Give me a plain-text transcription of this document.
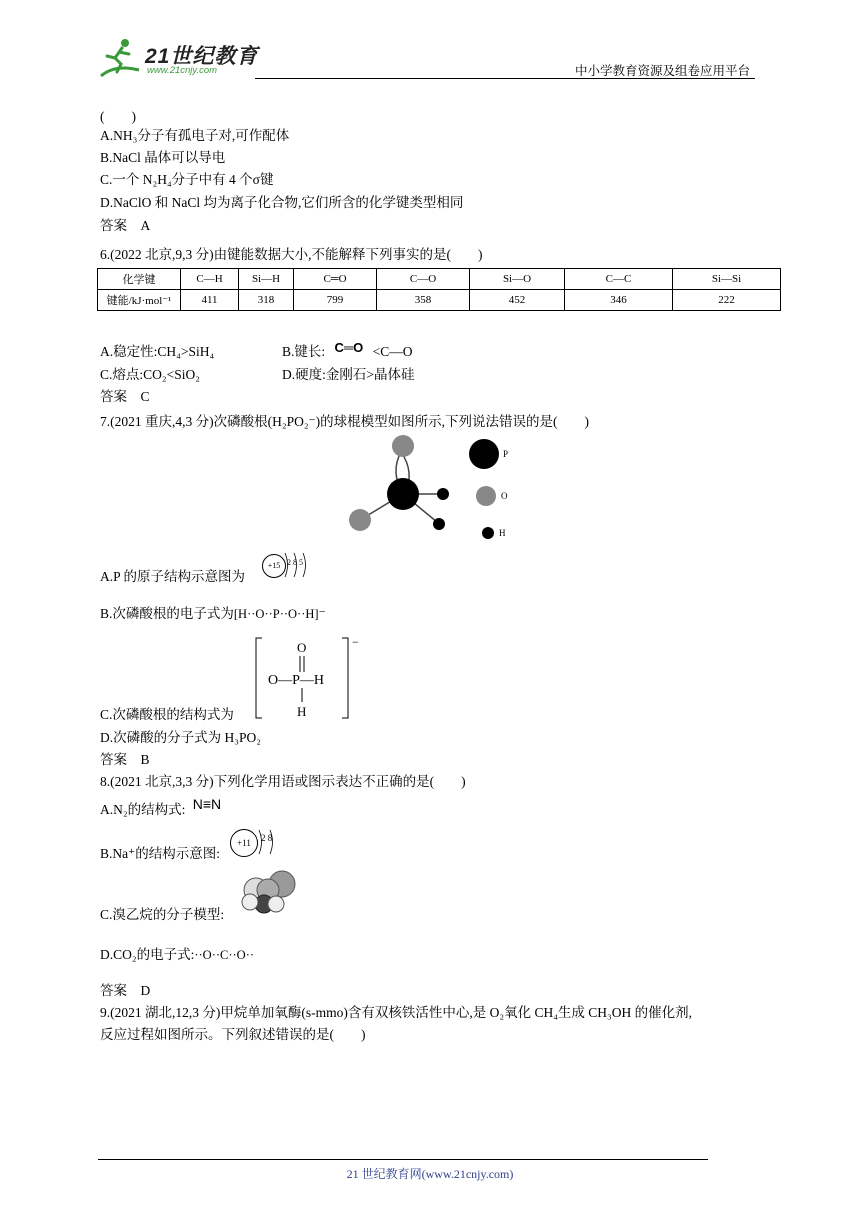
21世纪教育
www.21cnjy.com	中小学教育资源及组卷应用平台
(　　)
A.NH₃分子有孤电子对,可作配体
B.NaCl 晶体可以导电
C.一个 N₂H₄分子中有 4 个σ键
D.NaClO 和 NaCl 均为离子化合物,它们所含的化学键类型相同
答案　A
6.(2022 北京,9,3 分)由键能数据大小,不能解释下列事实的是(　　)
化学键	C—H	Si—H	C═O	C—O	Si—O	C—C	Si—Si
键能/kJ·mol⁻¹	411	318	799	358	452	346	222
A.稳定性:CH₄>SiH₄	B.键长: C═O <C—O
C.熔点:CO₂<SiO₂	D.硬度:金刚石>晶体硅
答案　C
7.(2021 重庆,4,3 分)次磷酸根(H₂PO₂⁻)的球棍模型如图所示,下列说法错误的是(　　)
P
O
H
A.P 的原子结构示意图为
+15 2 8 5
B.次磷酸根的电子式为[H··O··P··O··H]⁻
C.次磷酸根的结构式为
−
O
O—P—H
H
D.次磷酸的分子式为 H₃PO₂
答案　B
8.(2021 北京,3,3 分)下列化学用语或图示表达不正确的是(　　)
A.N₂的结构式: N≡N
B.Na⁺的结构示意图:
+11	2 8
C.溴乙烷的分子模型:
D.CO₂的电子式:··O··C··O··
答案　D
9.(2021 湖北,12,3 分)甲烷单加氧酶(s-mmo)含有双核铁活性中心,是 O₂氧化 CH₄生成 CH₃OH 的催化剂,
反应过程如图所示。下列叙述错误的是(　　)
21 世纪教育网(www.21cnjy.com)
